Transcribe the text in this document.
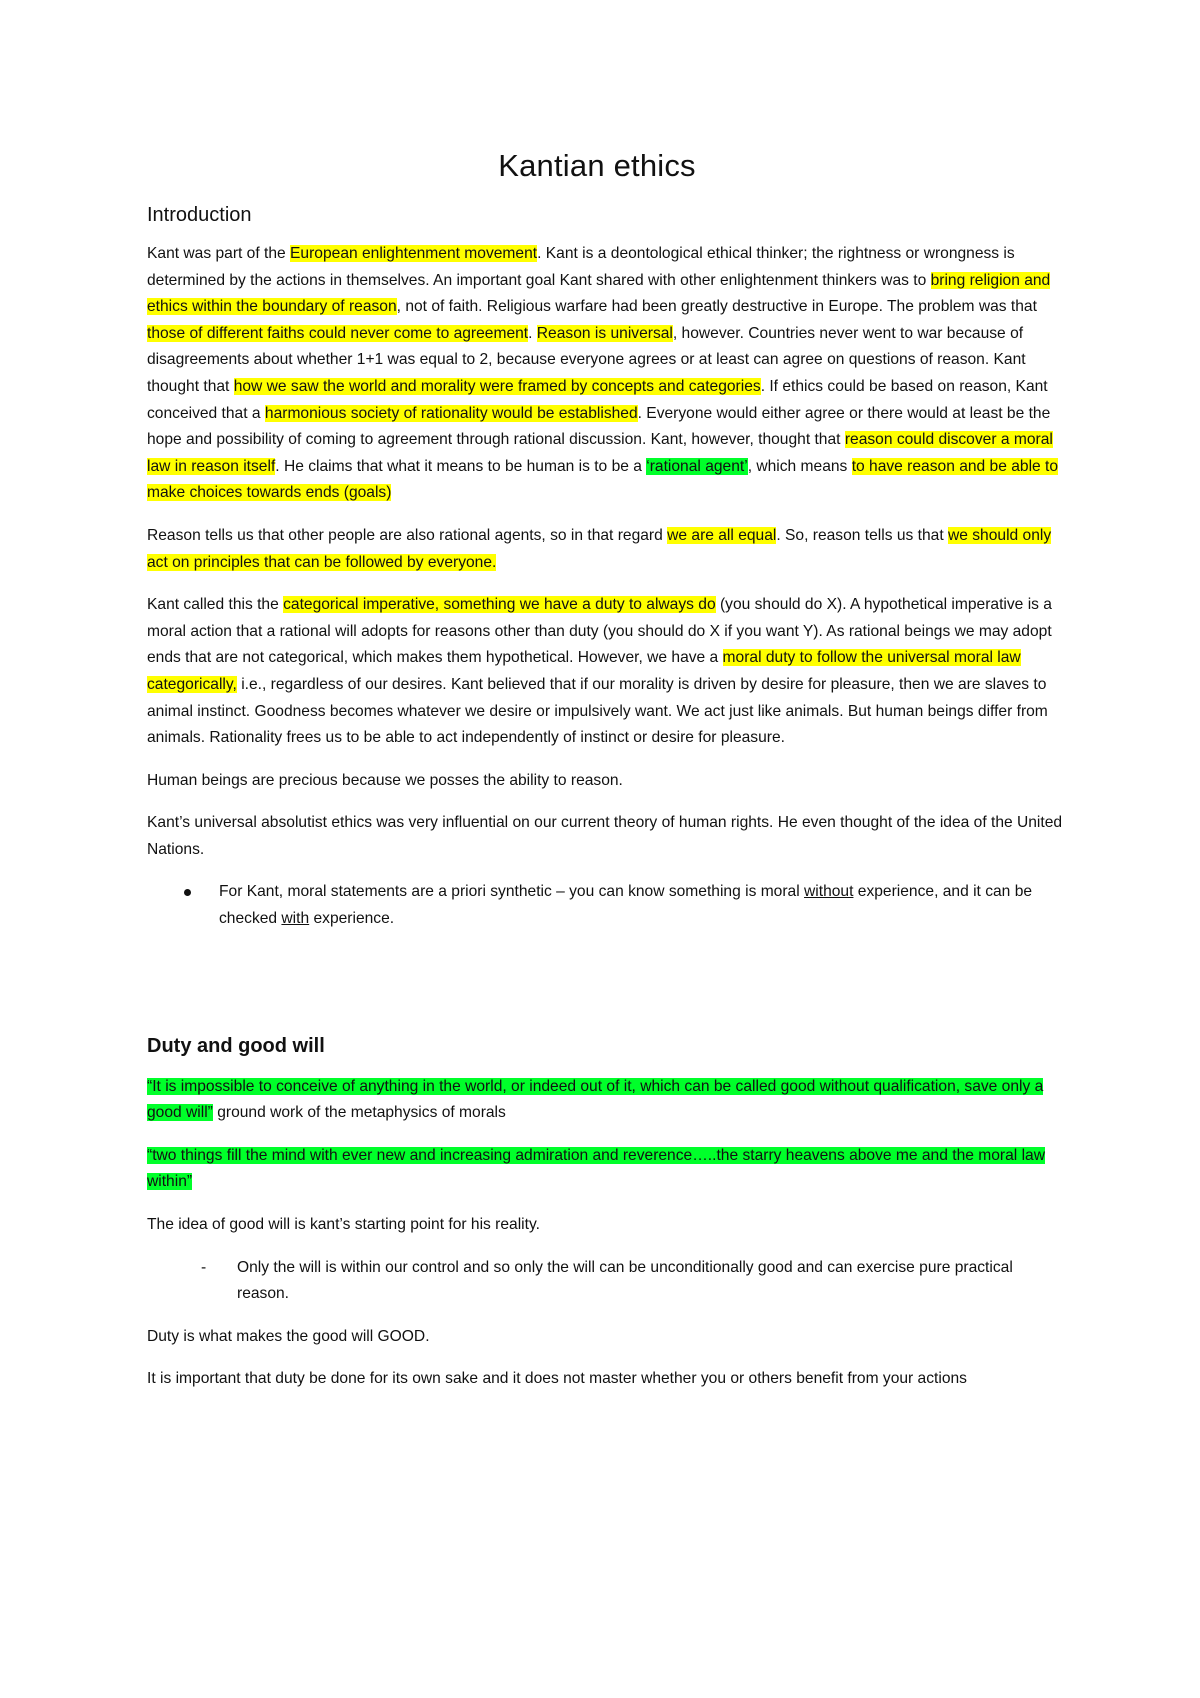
Kantian ethics
Introduction

Kant was part of the European enlightenment movement. Kant is a deontological ethical thinker; the rightness or wrongness is determined by the actions in themselves. An important goal Kant shared with other enlightenment thinkers was to bring religion and ethics within the boundary of reason, not of faith. Religious warfare had been greatly destructive in Europe. The problem was that those of different faiths could never come to agreement. Reason is universal, however. Countries never went to war because of disagreements about whether 1+1 was equal to 2, because everyone agrees or at least can agree on questions of reason. Kant thought that how we saw the world and morality were framed by concepts and categories. If ethics could be based on reason, Kant conceived that a harmonious society of rationality would be established. Everyone would either agree or there would at least be the hope and possibility of coming to agreement through rational discussion. Kant, however, thought that reason could discover a moral law in reason itself. He claims that what it means to be human is to be a ‘rational agent’, which means to have reason and be able to make choices towards ends (goals)

Reason tells us that other people are also rational agents, so in that regard we are all equal. So, reason tells us that we should only act on principles that can be followed by everyone.

Kant called this the categorical imperative, something we have a duty to always do (you should do X). A hypothetical imperative is a moral action that a rational will adopts for reasons other than duty (you should do X if you want Y). As rational beings we may adopt ends that are not categorical, which makes them hypothetical. However, we have a moral duty to follow the universal moral law categorically, i.e., regardless of our desires. Kant believed that if our morality is driven by desire for pleasure, then we are slaves to animal instinct. Goodness becomes whatever we desire or impulsively want. We act just like animals. But human beings differ from animals. Rationality frees us to be able to act independently of instinct or desire for pleasure.

Human beings are precious because we posses the ability to reason.

Kant’s universal absolutist ethics was very influential on our current theory of human rights. He even thought of the idea of the United Nations.

For Kant, moral statements are a priori synthetic – you can know something is moral without experience, and it can be checked with experience.
Duty and good will

“It is impossible to conceive of anything in the world, or indeed out of it, which can be called good without qualification, save only a good will” ground work of the metaphysics of morals

“two things fill the mind with ever new and increasing admiration and reverence…..the starry heavens above me and the moral law within”

The idea of good will is kant’s starting point for his reality.

- Only the will is within our control and so only the will can be unconditionally good and can exercise pure practical reason.

Duty is what makes the good will GOOD.

It is important that duty be done for its own sake and it does not master whether you or others benefit from your actions
